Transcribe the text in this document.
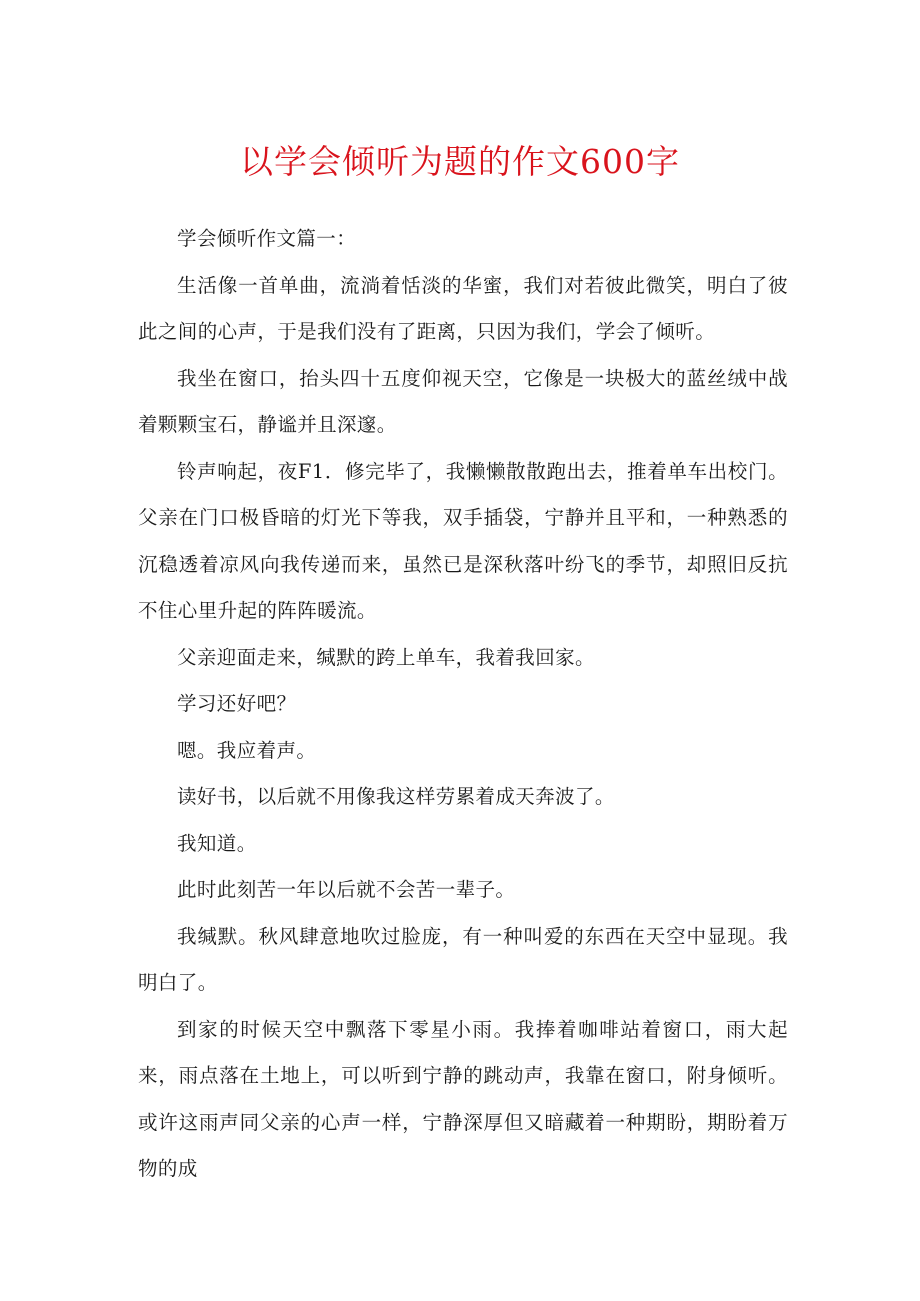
以学会倾听为题的作文600字

学会倾听作文篇一：

生活像一首单曲，流淌着恬淡的华蜜，我们对若彼此微笑，明白了彼此之间的心声，于是我们没有了距离，只因为我们，学会了倾听。

我坐在窗口，抬头四十五度仰视天空，它像是一块极大的蓝丝绒中战着颗颗宝石，静谧并且深邃。

铃声响起，夜F1．修完毕了，我懒懒散散跑出去，推着单车出校门。父亲在门口极昏暗的灯光下等我，双手插袋，宁静并且平和，一种熟悉的沉稳透着凉风向我传递而来，虽然已是深秋落叶纷飞的季节，却照旧反抗不住心里升起的阵阵暖流。

父亲迎面走来，缄默的跨上单车，我着我回家。

学习还好吧？

嗯。我应着声。

读好书，以后就不用像我这样劳累着成天奔波了。

我知道。

此时此刻苦一年以后就不会苦一辈子。

我缄默。秋风肆意地吹过脸庞，有一种叫爱的东西在天空中显现。我明白了。

到家的时候天空中飘落下零星小雨。我捧着咖啡站着窗口，雨大起来，雨点落在土地上，可以听到宁静的跳动声，我靠在窗口，附身倾听。或许这雨声同父亲的心声一样，宁静深厚但又暗藏着一种期盼，期盼着万物的成
